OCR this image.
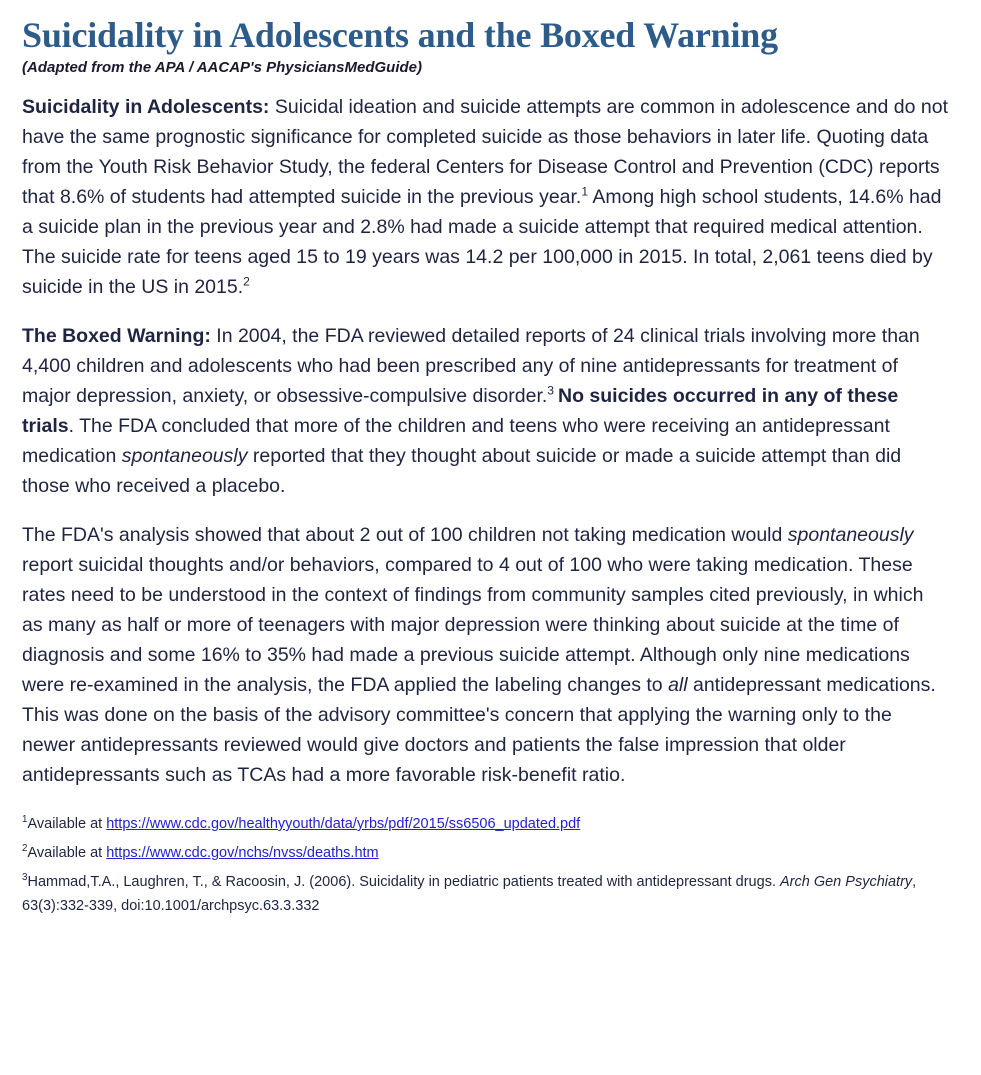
Suicidality in Adolescents and the Boxed Warning
(Adapted from the APA / AACAP's PhysiciansMedGuide)

Suicidality in Adolescents: Suicidal ideation and suicide attempts are common in adolescence and do not have the same prognostic significance for completed suicide as those behaviors in later life. Quoting data from the Youth Risk Behavior Study, the federal Centers for Disease Control and Prevention (CDC) reports that 8.6% of students had attempted suicide in the previous year.$^1$ Among high school students, 14.6% had a suicide plan in the previous year and 2.8% had made a suicide attempt that required medical attention. The suicide rate for teens aged 15 to 19 years was 14.2 per 100,000 in 2015. In total, 2,061 teens died by suicide in the US in 2015.$^2$

The Boxed Warning: In 2004, the FDA reviewed detailed reports of 24 clinical trials involving more than 4,400 children and adolescents who had been prescribed any of nine antidepressants for treatment of major depression, anxiety, or obsessive-compulsive disorder.$^3$ No suicides occurred in any of these trials. The FDA concluded that more of the children and teens who were receiving an antidepressant medication spontaneously reported that they thought about suicide or made a suicide attempt than did those who received a placebo.

The FDA's analysis showed that about 2 out of 100 children not taking medication would spontaneously report suicidal thoughts and/or behaviors, compared to 4 out of 100 who were taking medication. These rates need to be understood in the context of findings from community samples cited previously, in which as many as half or more of teenagers with major depression were thinking about suicide at the time of diagnosis and some 16% to 35% had made a previous suicide attempt. Although only nine medications were re-examined in the analysis, the FDA applied the labeling changes to all antidepressant medications. This was done on the basis of the advisory committee's concern that applying the warning only to the newer antidepressants reviewed would give doctors and patients the false impression that older antidepressants such as TCAs had a more favorable risk-benefit ratio.

$^1$Available at https://www.cdc.gov/healthyyouth/data/yrbs/pdf/2015/ss6506_updated.pdf

$^2$Available at https://www.cdc.gov/nchs/nvss/deaths.htm

$^3$Hammad,T.A., Laughren, T., & Racoosin, J. (2006). Suicidality in pediatric patients treated with antidepressant drugs. Arch Gen Psychiatry, 63(3):332-339, doi:10.1001/archpsyc.63.3.332
